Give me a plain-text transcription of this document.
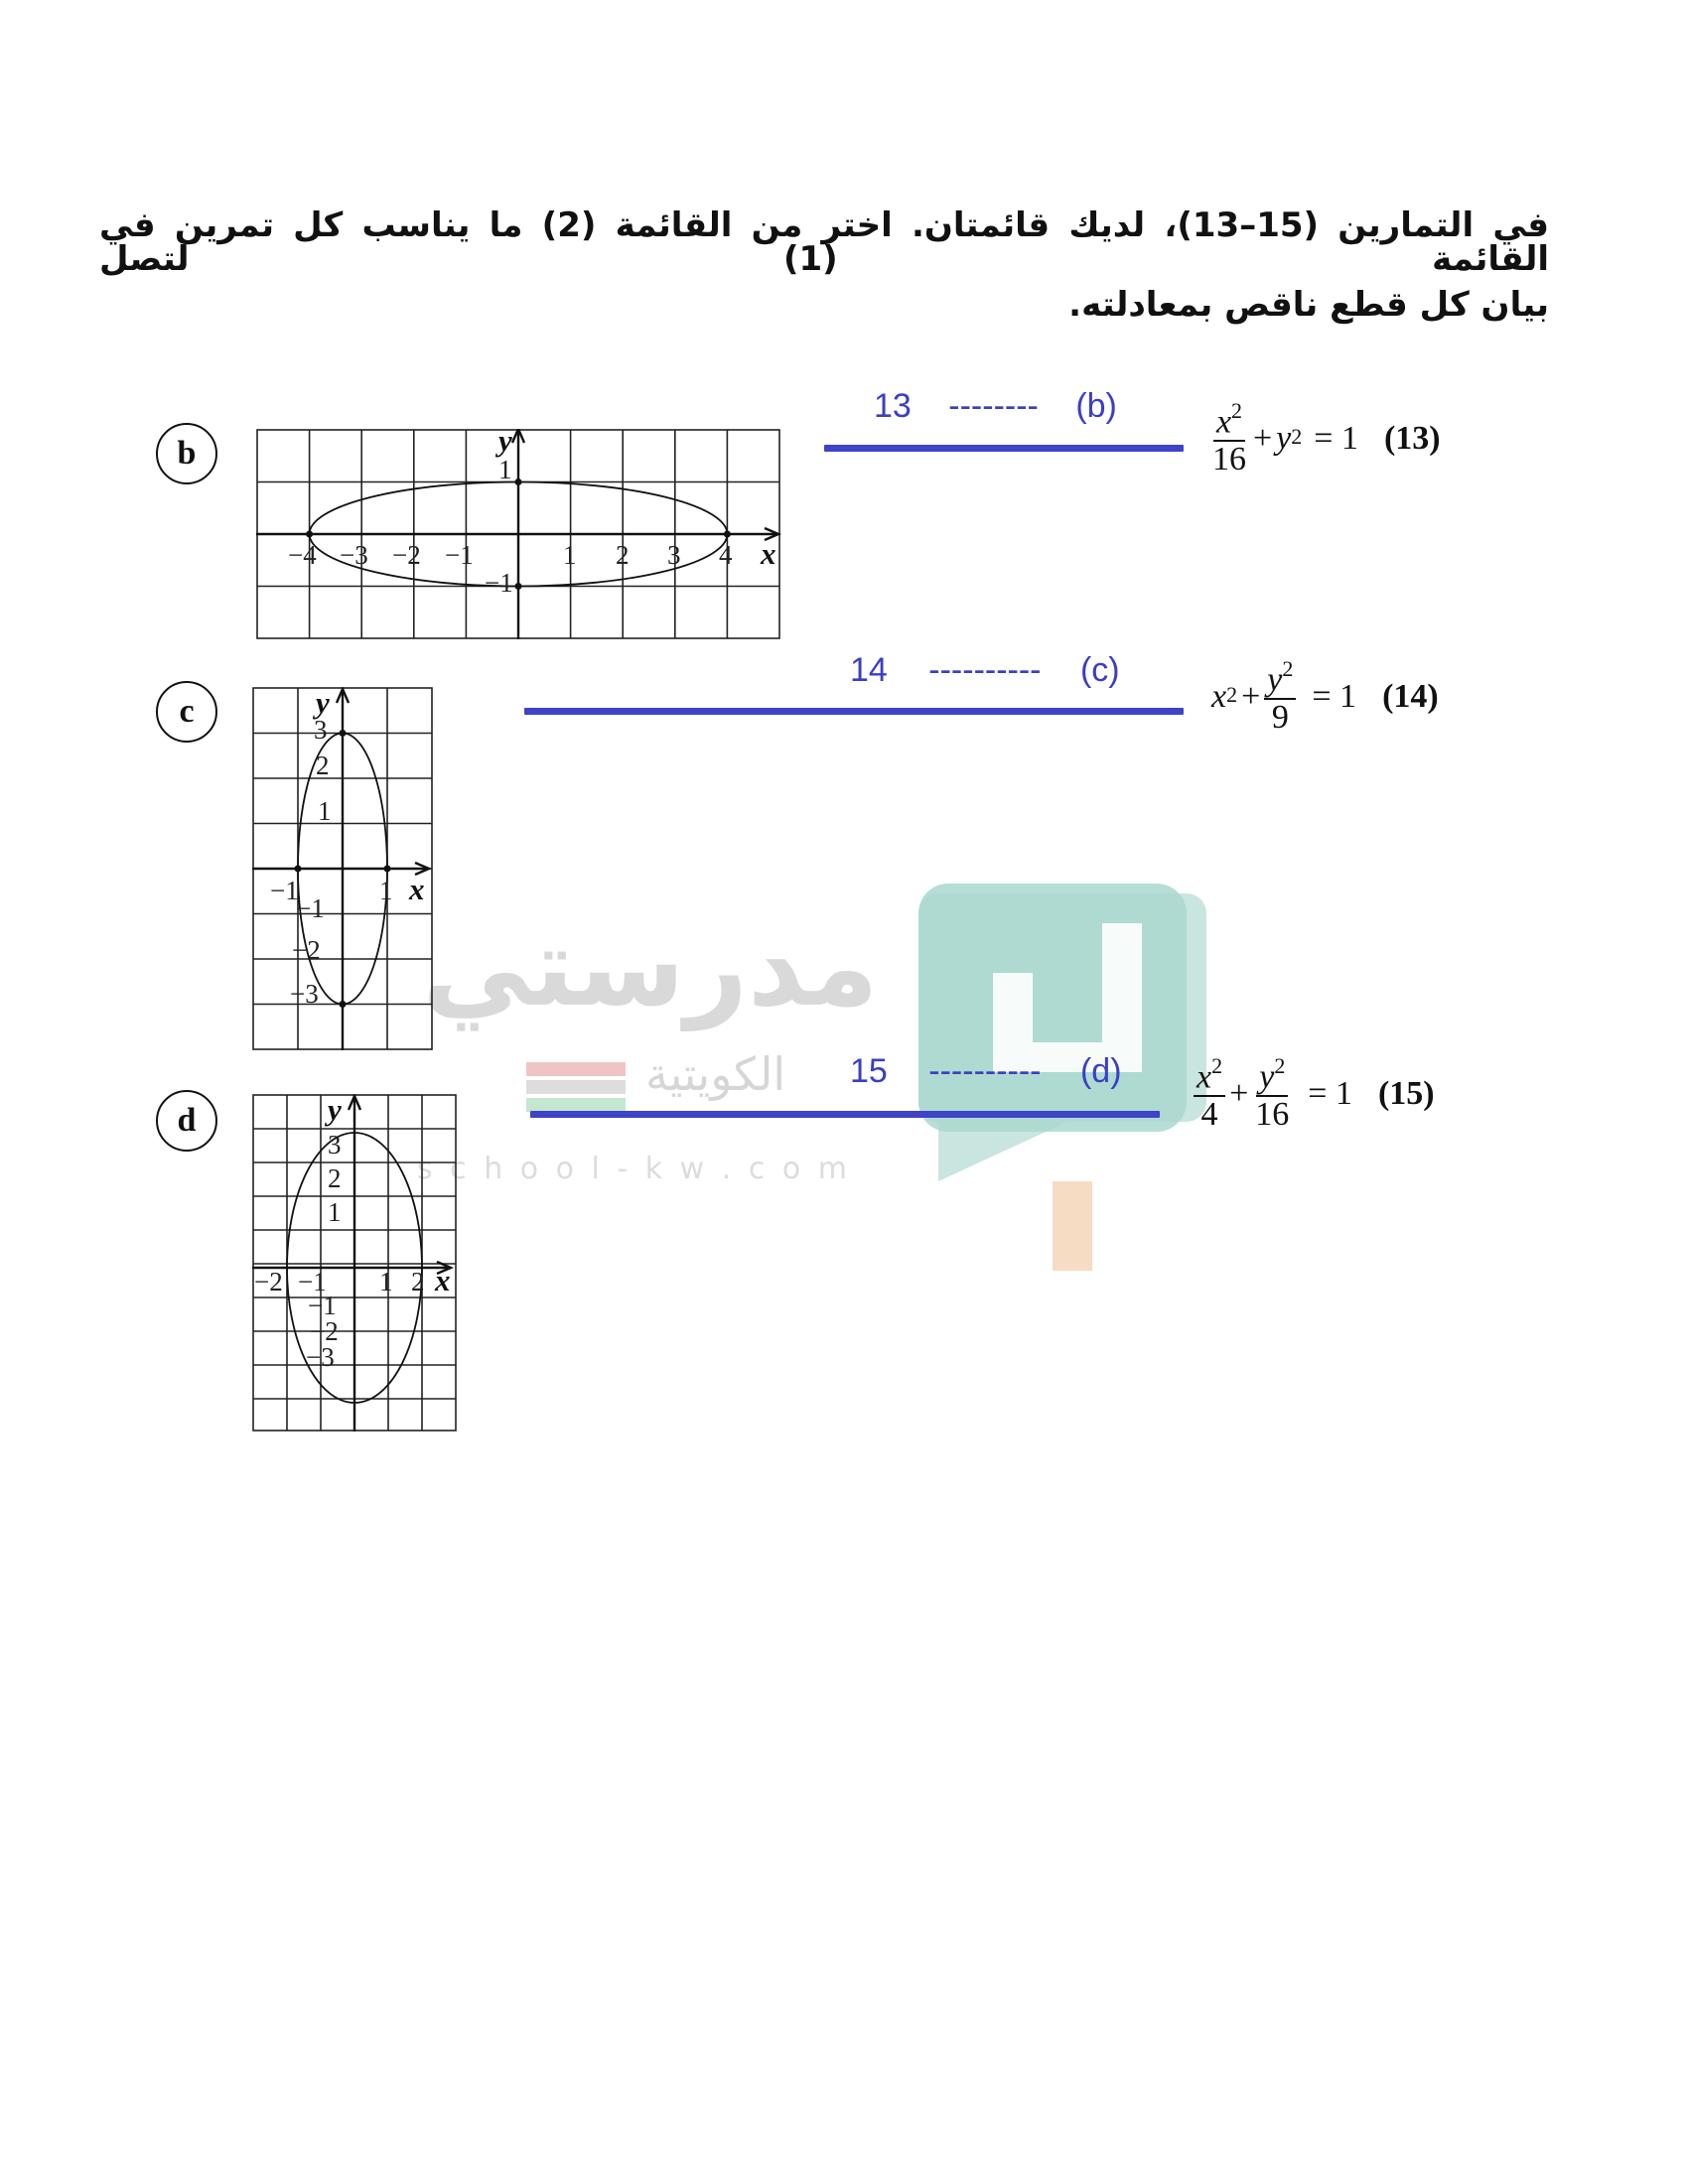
مدرستي
الكويتية
s c h o o l - k w . c o m
في التمارين (15–13)، لديك قائمتان. اختر من القائمة (2) ما يناسب كل تمرين في القائمة (1) لتصل
بيان كل قطع ناقص بمعادلته.
b
c
d
−4 −3 −2 −1	1 2 3 4
1
−1
x
y
−1	1
3
2
1
−1
−2
−3
x
y
−2 −1 1 2
3
2
1
−1
−2
−3
x
y
13 -------- (b)
14 ---------- (c)
15 ---------- (d)
$\frac{x^2}{16} + y^2 = 1$ (13)
$x^2 + \frac{y^2}{9} = 1$ (14)
$\frac{x^2}{4} + \frac{y^2}{16} = 1$ (15)
